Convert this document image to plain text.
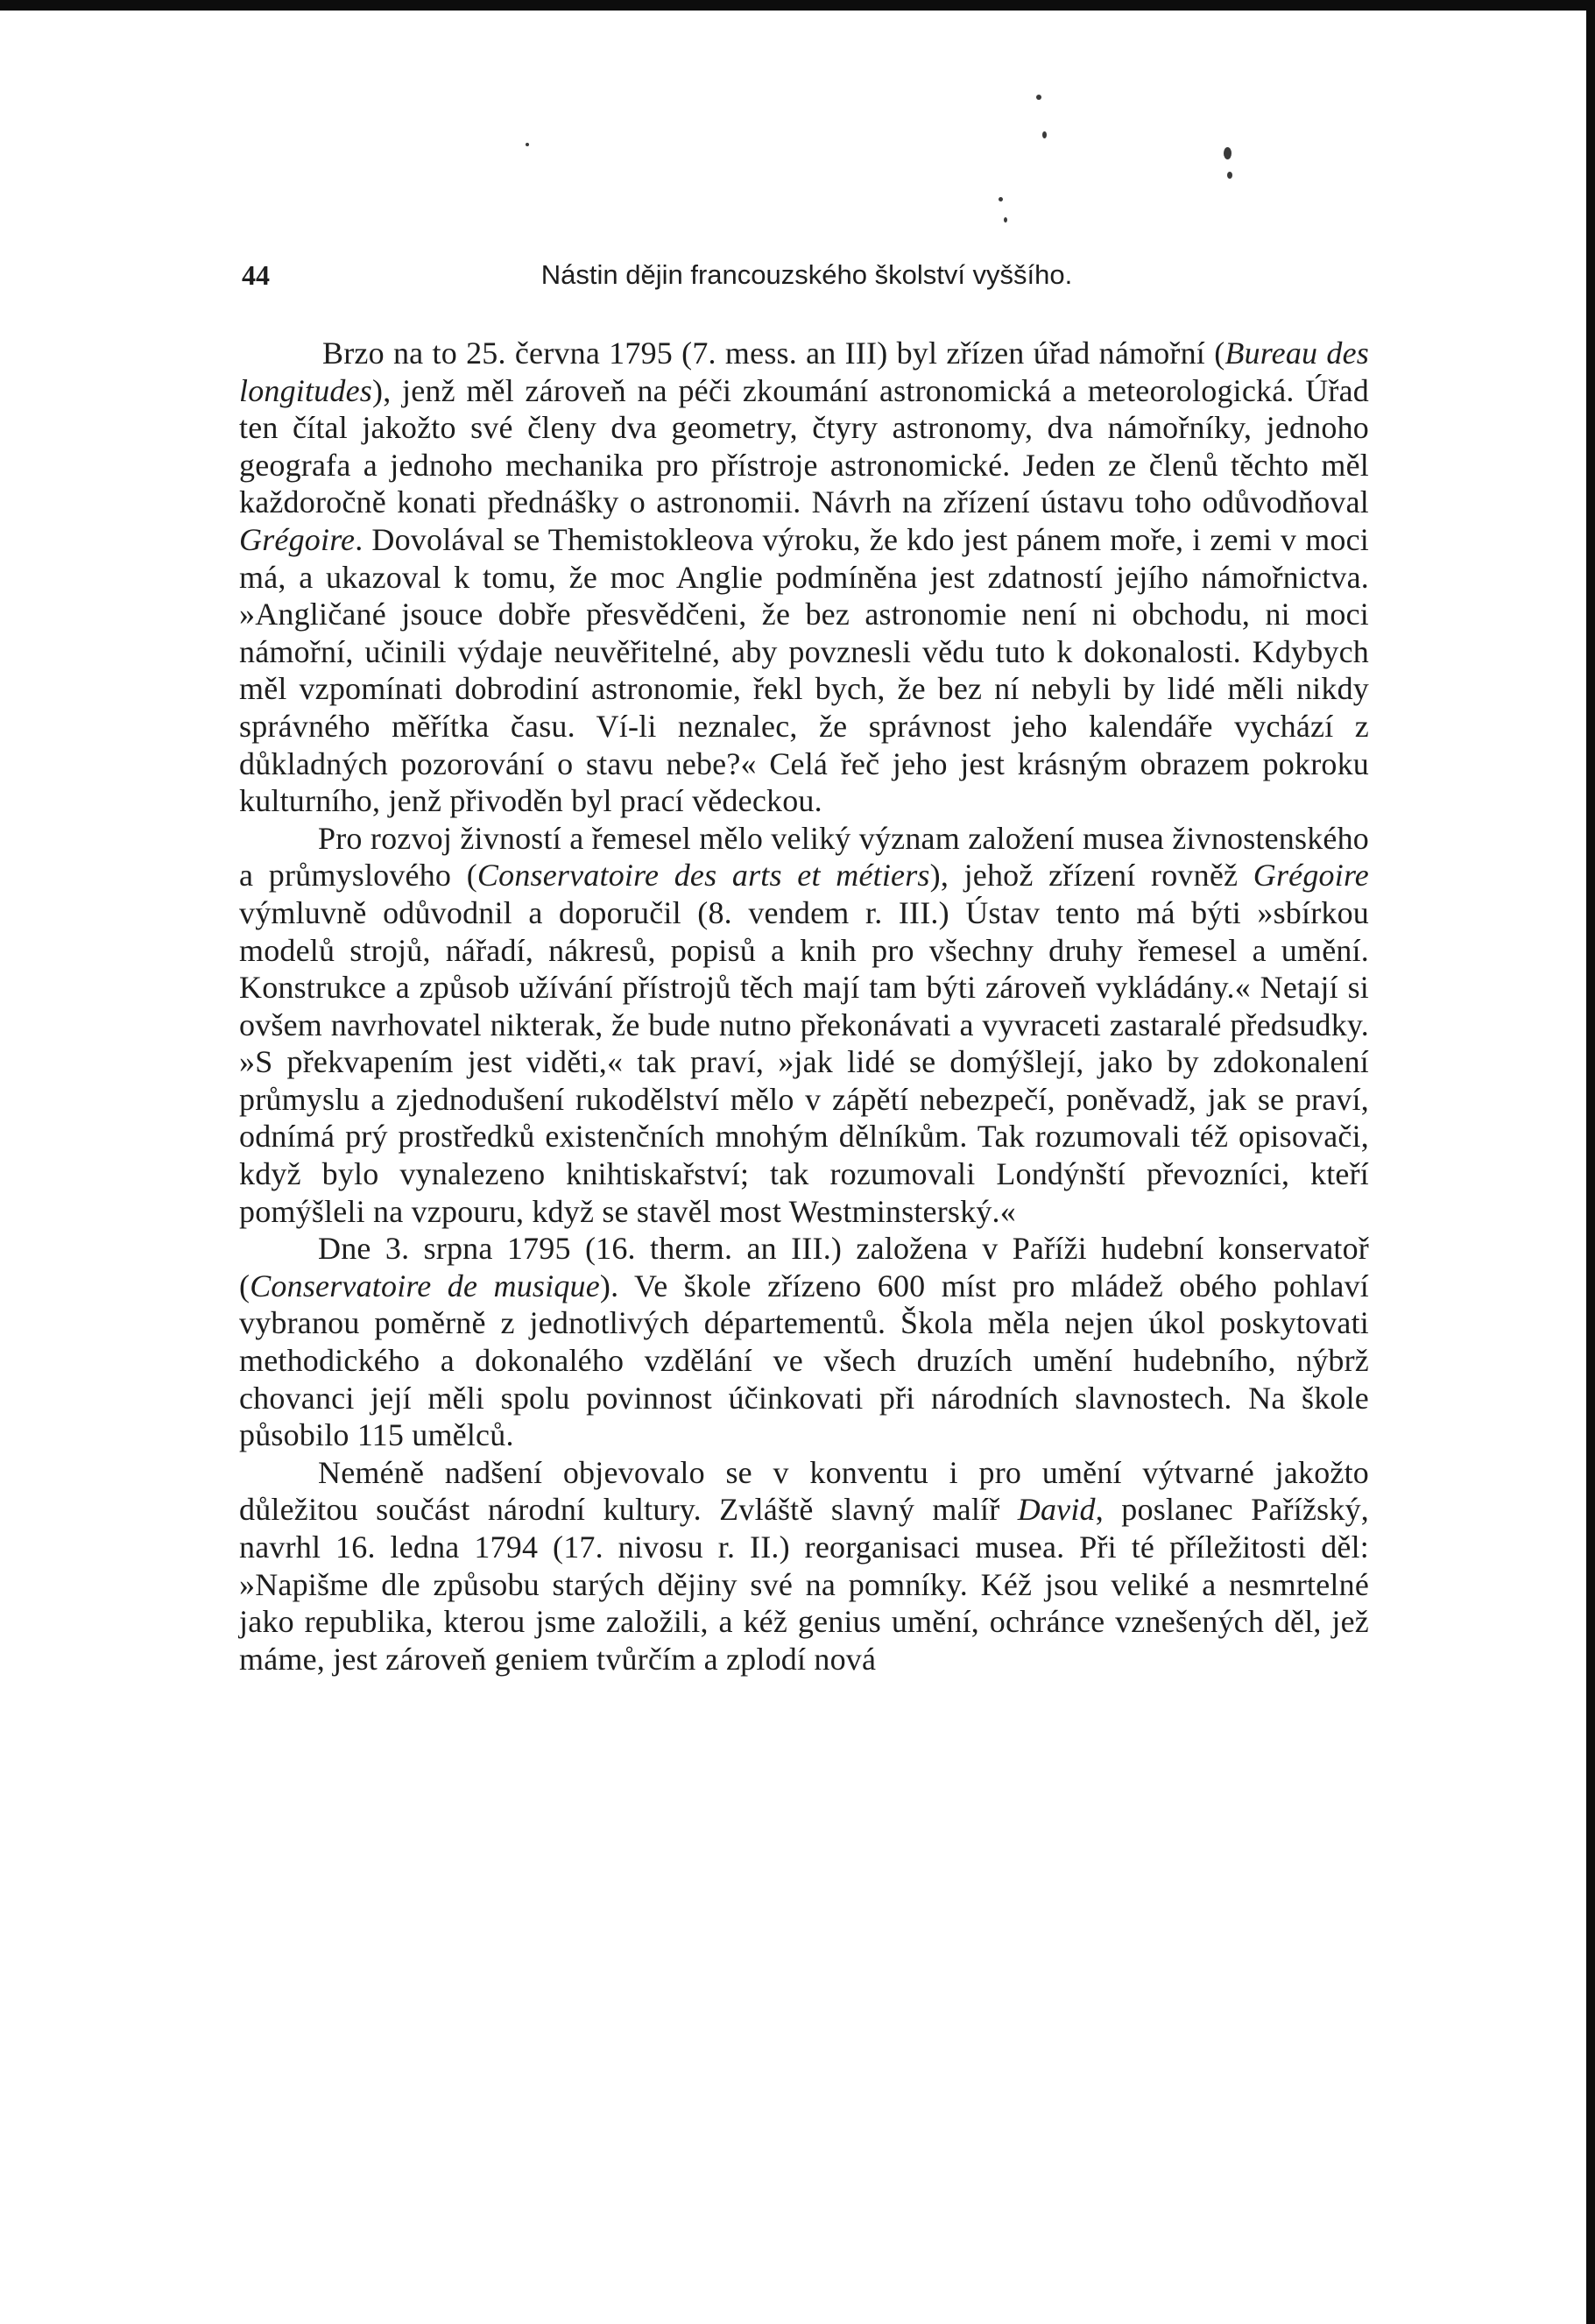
44	Nástin dějin francouzského školství vyššího.

Brzo na to 25. června 1795 (7. mess. an III) byl zřízen úřad námořní (Bureau des longitudes), jenž měl zároveň na péči zkoumání astronomická a meteorologická. Úřad ten čítal jakožto své členy dva geometry, čtyry astronomy, dva námořníky, jednoho geografa a jednoho mechanika pro přístroje astronomické. Jeden ze členů těchto měl každoročně konati přednášky o astronomii. Návrh na zřízení ústavu toho odůvodňoval Grégoire. Dovolával se Themistokleova výroku, že kdo jest pánem moře, i zemi v moci má, a ukazoval k tomu, že moc Anglie podmíněna jest zdatností jejího námořnictva. »Angličané jsouce dobře přesvědčeni, že bez astronomie není ni obchodu, ni moci námořní, učinili výdaje neuvěřitelné, aby povznesli vědu tuto k dokonalosti. Kdybych měl vzpomínati dobrodiní astronomie, řekl bych, že bez ní nebyli by lidé měli nikdy správného měřítka času. Ví-li neznalec, že správnost jeho kalendáře vychází z důkladných pozorování o stavu nebe?« Celá řeč jeho jest krásným obrazem pokroku kulturního, jenž přivoděn byl prací vědeckou.

Pro rozvoj živností a řemesel mělo veliký význam založení musea živnostenského a průmyslového (Conservatoire des arts et métiers), jehož zřízení rovněž Grégoire výmluvně odůvodnil a doporučil (8. vendem r. III.) Ústav tento má býti »sbírkou modelů strojů, nářadí, nákresů, popisů a knih pro všechny druhy řemesel a umění. Konstrukce a způsob užívání přístrojů těch mají tam býti zároveň vykládány.« Netají si ovšem navrhovatel nikterak, že bude nutno překonávati a vyvraceti zastaralé předsudky. »S překvapením jest viděti,« tak praví, »jak lidé se domýšlejí, jako by zdokonalení průmyslu a zjednodušení rukodělství mělo v zápětí nebezpečí, poněvadž, jak se praví, odnímá prý prostředků existenčních mnohým dělníkům. Tak rozumovali též opisovači, když bylo vynalezeno knihtiskařství; tak rozumovali Londýnští převozníci, kteří pomýšleli na vzpouru, když se stavěl most Westminsterský.«

Dne 3. srpna 1795 (16. therm. an III.) založena v Paříži hudební konservatoř (Conservatoire de musique). Ve škole zřízeno 600 míst pro mládež obého pohlaví vybranou poměrně z jednotlivých départementů. Škola měla nejen úkol poskytovati methodického a dokonalého vzdělání ve všech druzích umění hudebního, nýbrž chovanci její měli spolu povinnost účinkovati při národních slavnostech. Na škole působilo 115 umělců.

Neméně nadšení objevovalo se v konventu i pro umění výtvarné jakožto důležitou součást národní kultury. Zvláště slavný malíř David, poslanec Pařížský, navrhl 16. ledna 1794 (17. nivosu r. II.) reorganisaci musea. Při té příležitosti děl: »Napišme dle způsobu starých dějiny své na pomníky. Kéž jsou veliké a nesmrtelné jako republika, kterou jsme založili, a kéž genius umění, ochránce vznešených děl, jež máme, jest zároveň geniem tvůrčím a zplodí nová
